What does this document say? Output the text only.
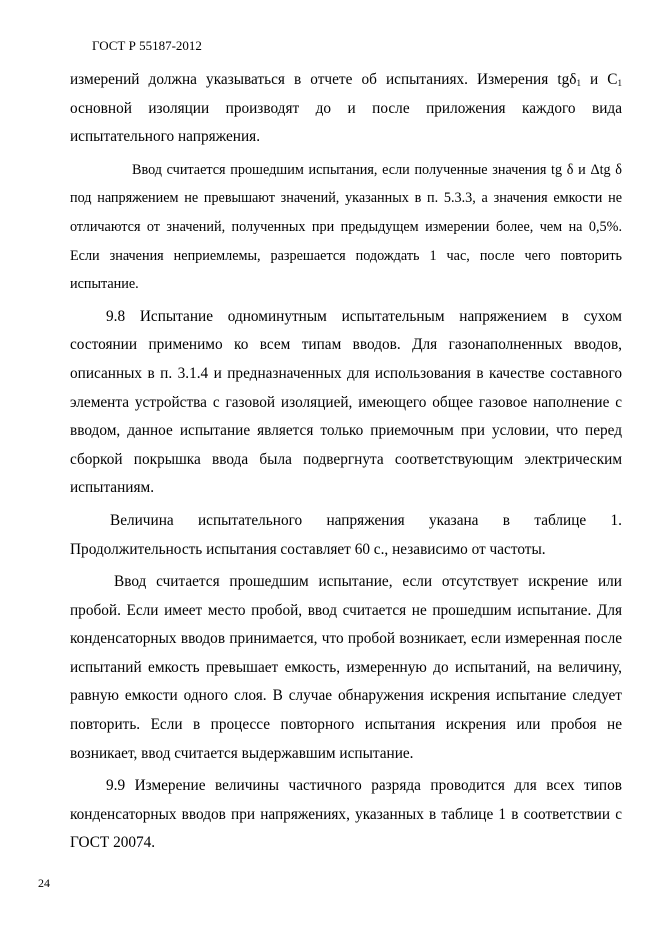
ГОСТ Р 55187-2012

измерений должна указываться в отчете об испытаниях. Измерения tgδ$_1$ и $С_1$ основной изоляции производят до и после приложения каждого вида испытательного напряжения.

Ввод считается прошедшим испытания, если полученные значения tg δ и Δtg δ под напряжением не превышают значений, указанных в п. 5.3.3, а значения емкости не отличаются от значений, полученных при предыдущем измерении более, чем на 0,5%. Если значения неприемлемы, разрешается подождать 1 час, после чего повторить испытание.

9.8 Испытание одноминутным испытательным напряжением в сухом состоянии применимо ко всем типам вводов. Для газонаполненных вводов, описанных в п. 3.1.4 и предназначенных для использования в качестве составного элемента устройства с газовой изоляцией, имеющего общее газовое наполнение с вводом, данное испытание является только приемочным при условии, что перед сборкой покрышка ввода была подвергнута соответствующим электрическим испытаниям.

Величина испытательного напряжения указана в таблице 1.

Продолжительность испытания составляет 60 с., независимо от частоты.

Ввод считается прошедшим испытание, если отсутствует искрение или пробой. Если имеет место пробой, ввод считается не прошедшим испытание. Для конденсаторных вводов принимается, что пробой возникает, если измеренная после испытаний емкость превышает емкость, измеренную до испытаний, на величину, равную емкости одного слоя. В случае обнаружения искрения испытание следует повторить. Если в процессе повторного испытания искрения или пробоя не возникает, ввод считается выдержавшим испытание.

9.9 Измерение величины частичного разряда проводится для всех типов конденсаторных вводов при напряжениях, указанных в таблице 1 в соответствии с ГОСТ 20074.

24
